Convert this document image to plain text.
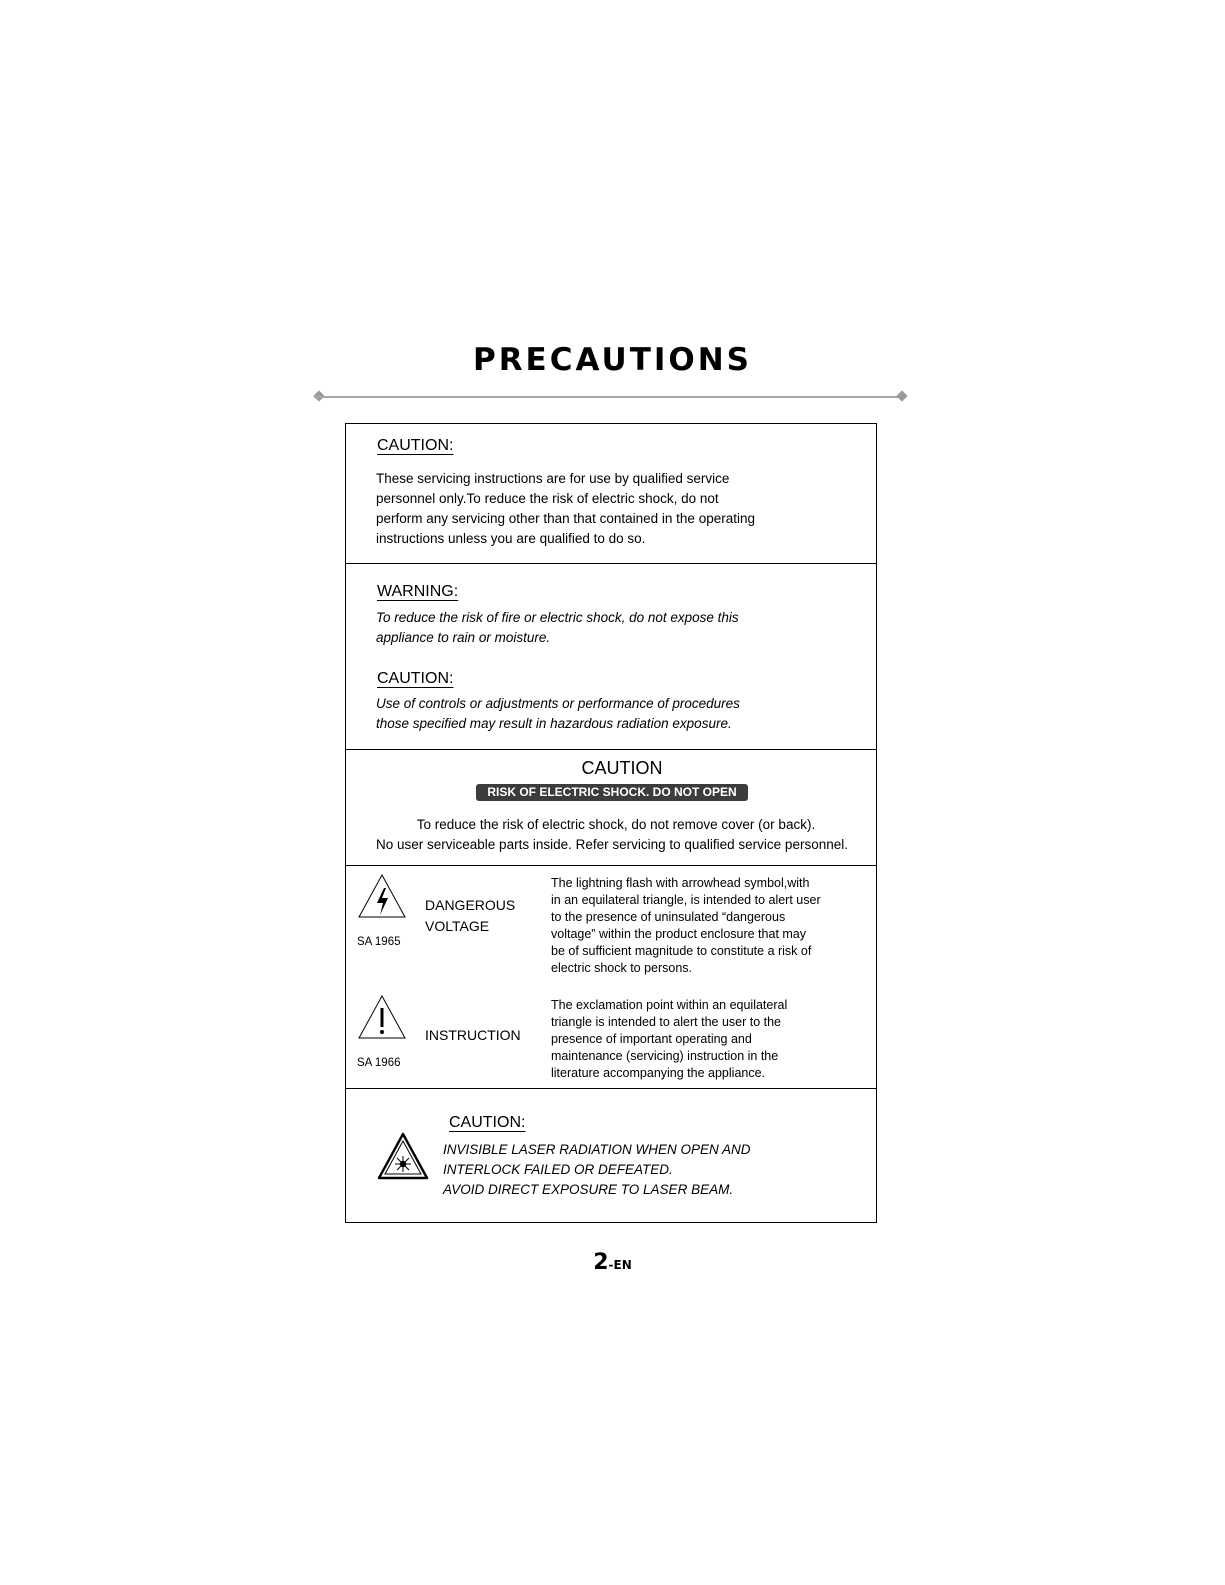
PRECAUTIONS
CAUTION:
These servicing instructions are for use by qualified service
personnel only.To reduce the risk of electric shock, do not
perform any servicing other than that contained in the operating
instructions unless you are qualified to do so.
WARNING:
To reduce the risk of fire or electric shock, do not expose this
appliance to rain or moisture.
CAUTION:
Use of controls or adjustments or performance of procedures
those specified may result in hazardous radiation exposure.
CAUTION
RISK OF ELECTRIC SHOCK. DO NOT OPEN
To reduce the risk of electric shock, do not remove cover (or back).
No user serviceable parts inside. Refer servicing to qualified service personnel.
SA 1965
DANGEROUS
VOLTAGE
The lightning flash with arrowhead symbol,with
in an equilateral triangle, is intended to alert user
to the presence of uninsulated “dangerous
voltage” within the product enclosure that may
be of sufficient magnitude to constitute a risk of
electric shock to persons.
SA 1966
INSTRUCTION
The exclamation point within an equilateral
triangle is intended to alert the user to the
presence of important operating and
maintenance (servicing) instruction in the
literature accompanying the appliance.
CAUTION:
INVISIBLE LASER RADIATION WHEN OPEN AND
INTERLOCK FAILED OR DEFEATED.
AVOID DIRECT EXPOSURE TO LASER BEAM.
2-EN
